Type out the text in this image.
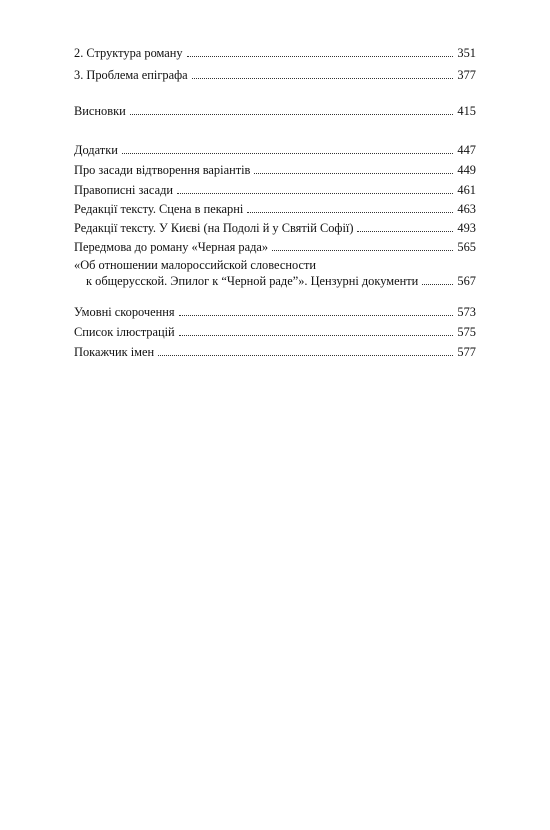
2. Структура роману	351
3. Проблема епіграфа	377
Висновки	415
Додатки	447
Про засади відтворення варіантів	449
Правописні засади	461
Редакції тексту. Сцена в пекарні	463
Редакції тексту. У Києві (на Подолі й у Святій Софії)	493
Передмова до роману «Черная рада»	565
«Об отношении малороссийской словесности
к общерусской. Эпилог к “Черной раде”». Цензурні документи	567
Умовні скорочення	573
Список ілюстрацій	575
Покажчик імен	577
